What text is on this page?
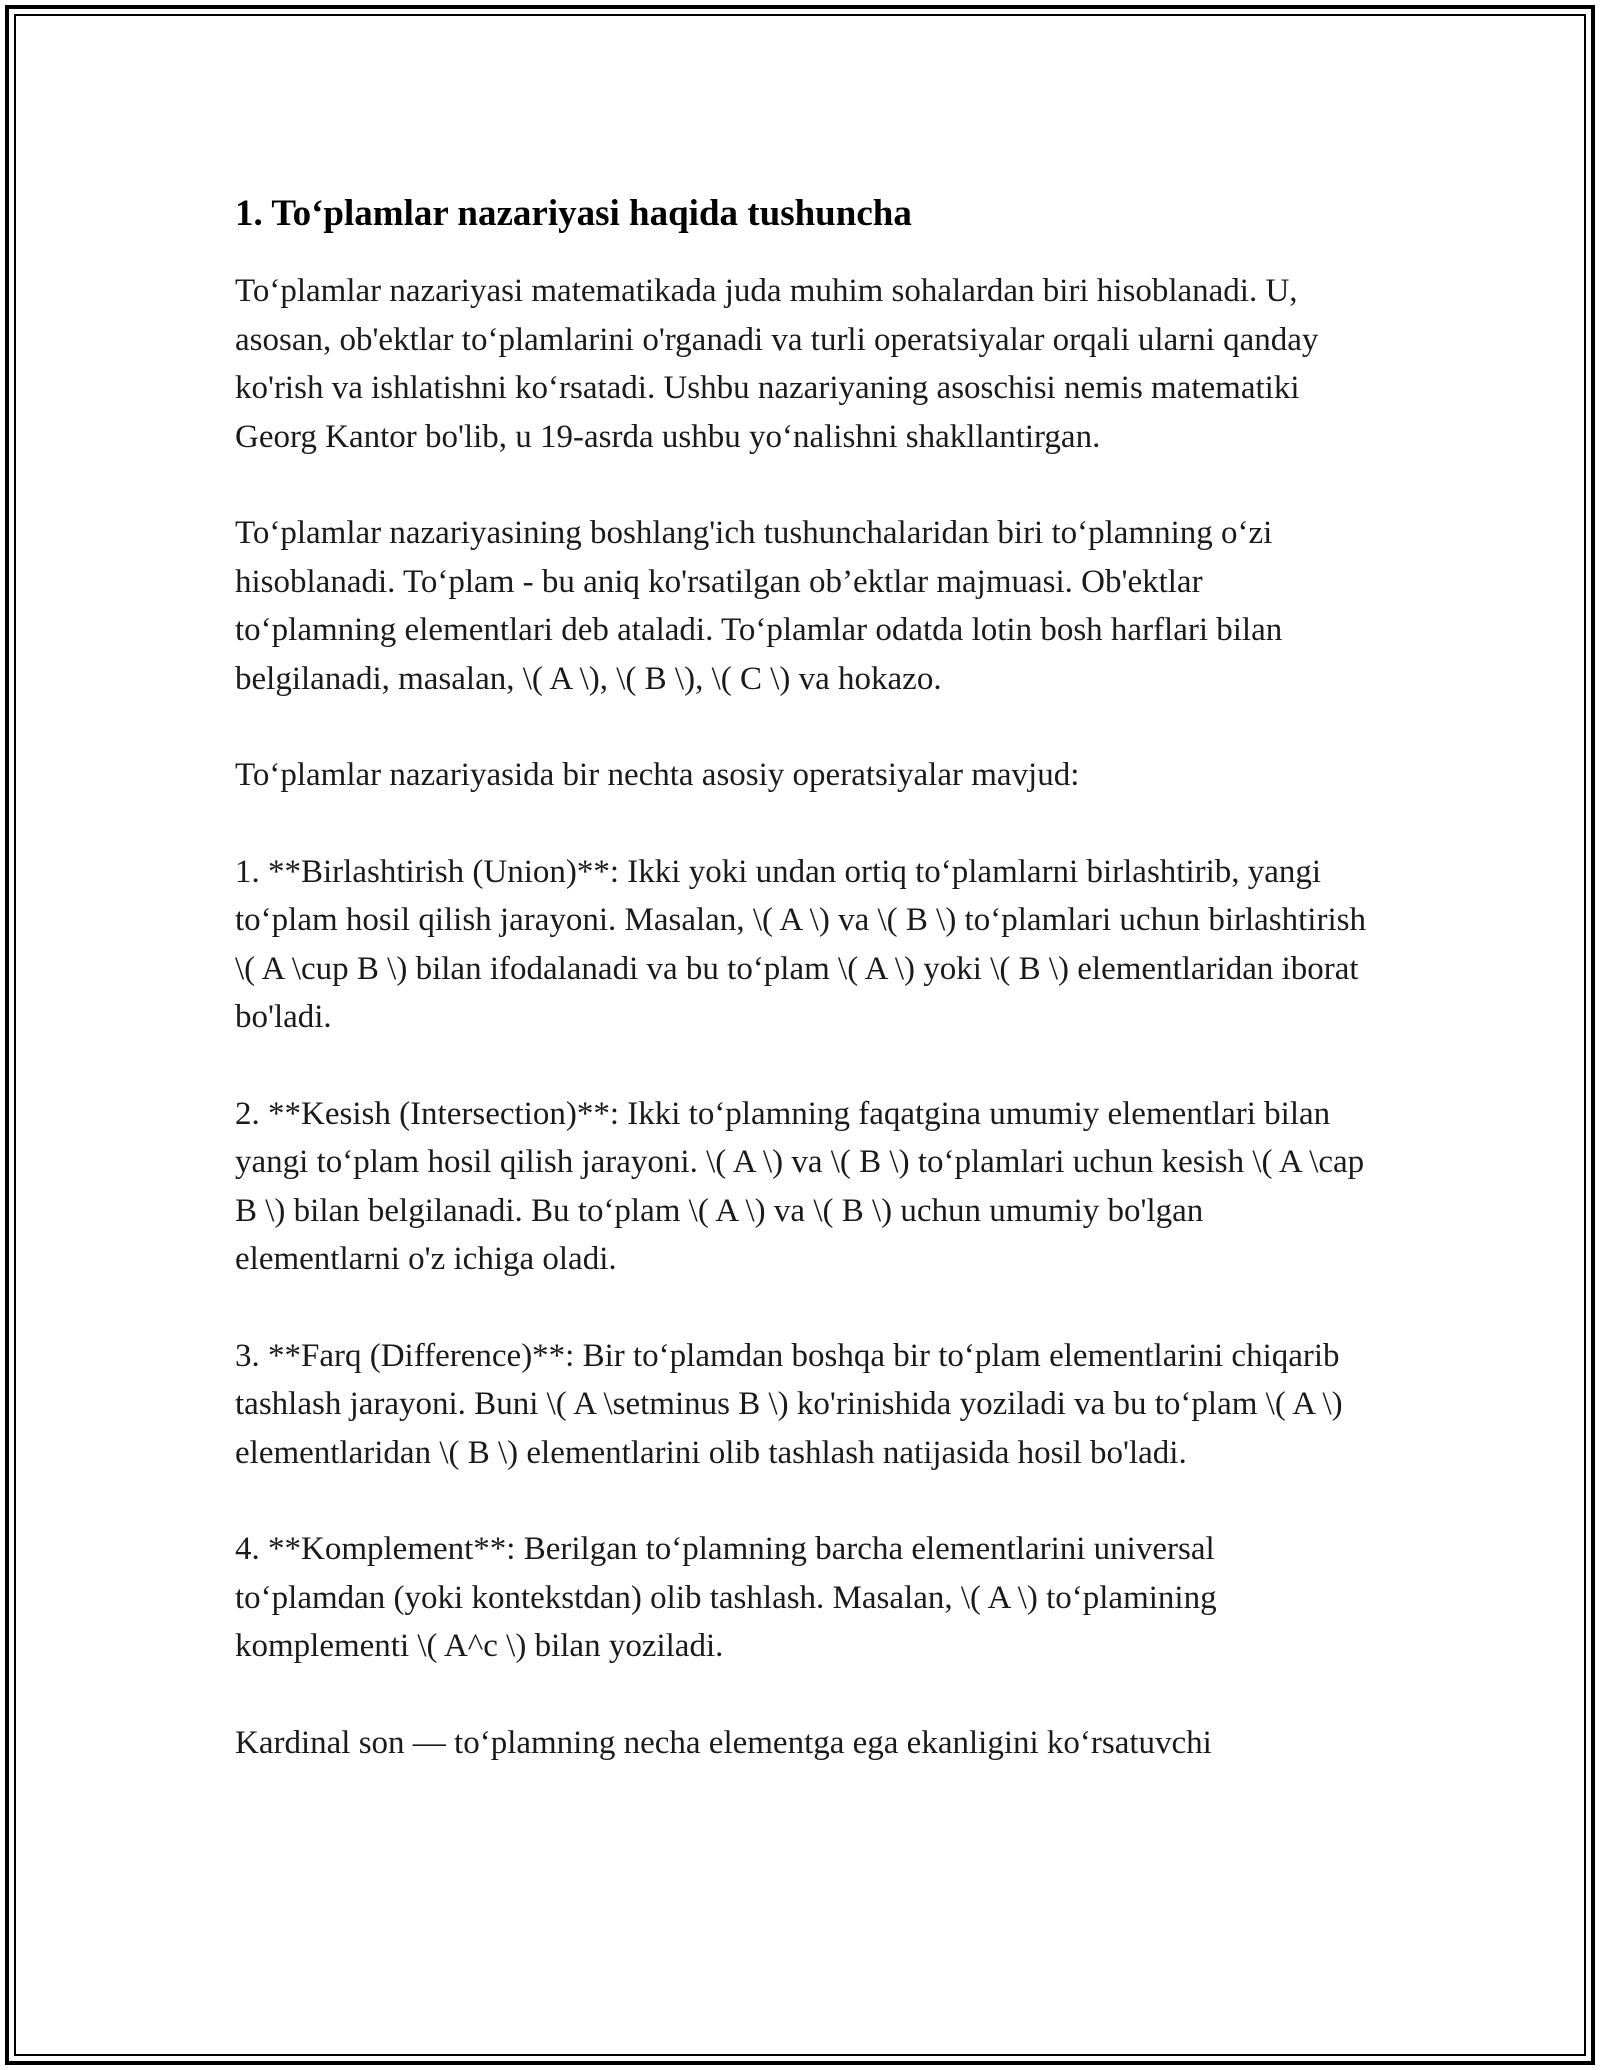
1. To‘plamlar nazariyasi haqida tushuncha

To‘plamlar nazariyasi matematikada juda muhim sohalardan biri hisoblanadi. U, asosan, ob'ektlar to‘plamlarini o'rganadi va turli operatsiyalar orqali ularni qanday ko'rish va ishlatishni ko‘rsatadi. Ushbu nazariyaning asoschisi nemis matematiki Georg Kantor bo'lib, u 19-asrda ushbu yo‘nalishni shakllantirgan.

To‘plamlar nazariyasining boshlang'ich tushunchalaridan biri to‘plamning o‘zi hisoblanadi. To‘plam - bu aniq ko'rsatilgan ob’ektlar majmuasi. Ob'ektlar to‘plamning elementlari deb ataladi. To‘plamlar odatda lotin bosh harflari bilan belgilanadi, masalan, \( A \), \( B \), \( C \) va hokazo.

To‘plamlar nazariyasida bir nechta asosiy operatsiyalar mavjud:

1. **Birlashtirish (Union)**: Ikki yoki undan ortiq to‘plamlarni birlashtirib, yangi to‘plam hosil qilish jarayoni. Masalan, \( A \) va \( B \) to‘plamlari uchun birlashtirish \( A \cup B \) bilan ifodalanadi va bu to‘plam \( A \) yoki \( B \) elementlaridan iborat bo'ladi.

2. **Kesish (Intersection)**: Ikki to‘plamning faqatgina umumiy elementlari bilan yangi to‘plam hosil qilish jarayoni. \( A \) va \( B \) to‘plamlari uchun kesish \( A \cap B \) bilan belgilanadi. Bu to‘plam \( A \) va \( B \) uchun umumiy bo'lgan elementlarni o'z ichiga oladi.

3. **Farq (Difference)**: Bir to‘plamdan boshqa bir to‘plam elementlarini chiqarib tashlash jarayoni. Buni \( A \setminus B \) ko'rinishida yoziladi va bu to‘plam \( A \) elementlaridan \( B \) elementlarini olib tashlash natijasida hosil bo'ladi.

4. **Komplement**: Berilgan to‘plamning barcha elementlarini universal to‘plamdan (yoki kontekstdan) olib tashlash. Masalan, \( A \) to‘plamining komplementi \( A^c \) bilan yoziladi.

Kardinal son — to‘plamning necha elementga ega ekanligini ko‘rsatuvchi
